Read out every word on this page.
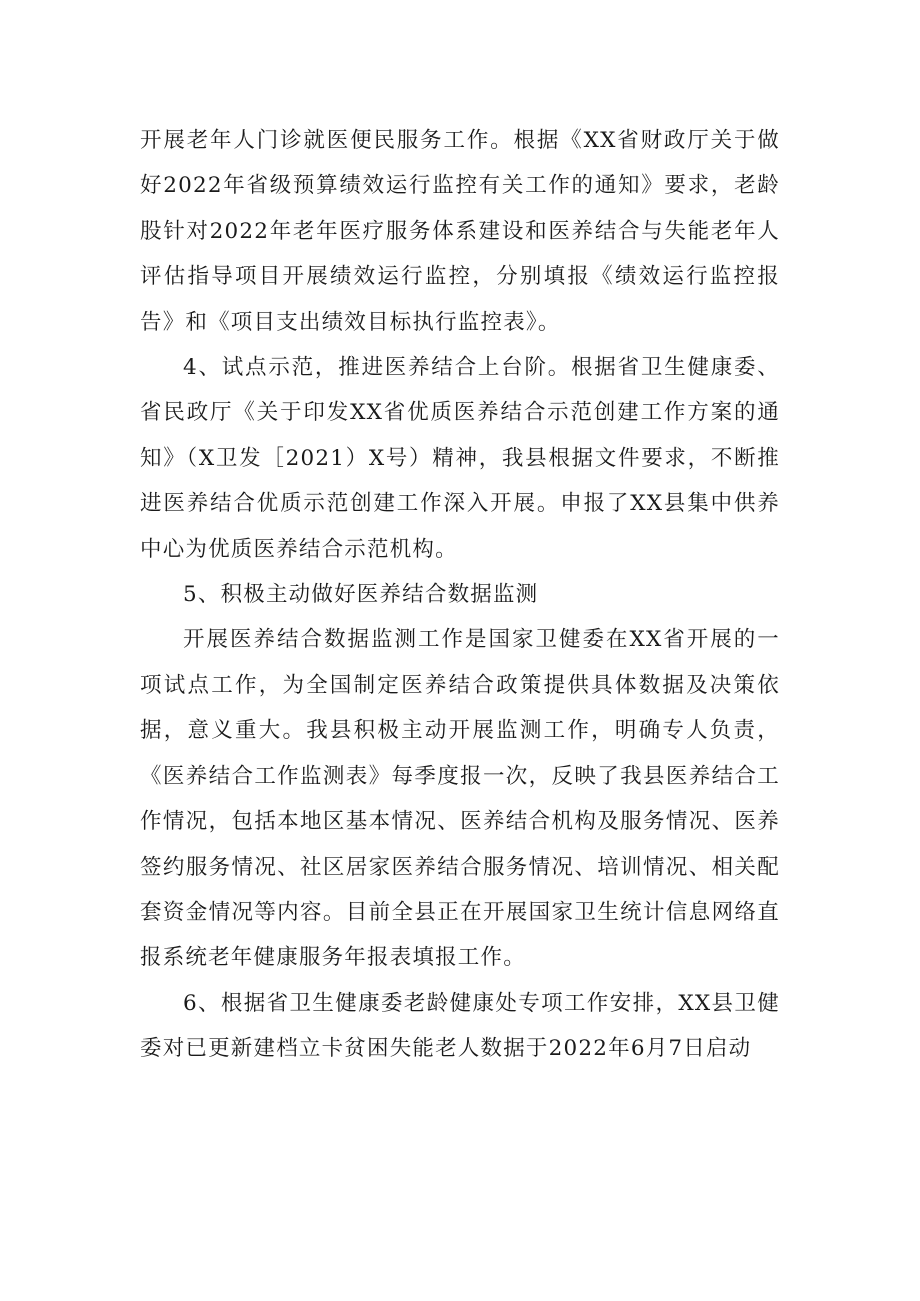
开展老年人门诊就医便民服务工作。根据《XX省财政厅关于做好2022年省级预算绩效运行监控有关工作的通知》要求，老龄股针对2022年老年医疗服务体系建设和医养结合与失能老年人评估指导项目开展绩效运行监控，分别填报《绩效运行监控报告》和《项目支出绩效目标执行监控表》。

4、试点示范，推进医养结合上台阶。根据省卫生健康委、省民政厅《关于印发XX省优质医养结合示范创建工作方案的通知》（X卫发［2021）X号）精神，我县根据文件要求，不断推进医养结合优质示范创建工作深入开展。申报了XX县集中供养中心为优质医养结合示范机构。

5、积极主动做好医养结合数据监测

开展医养结合数据监测工作是国家卫健委在XX省开展的一项试点工作，为全国制定医养结合政策提供具体数据及决策依据，意义重大。我县积极主动开展监测工作，明确专人负责，《医养结合工作监测表》每季度报一次，反映了我县医养结合工作情况，包括本地区基本情况、医养结合机构及服务情况、医养签约服务情况、社区居家医养结合服务情况、培训情况、相关配套资金情况等内容。目前全县正在开展国家卫生统计信息网络直报系统老年健康服务年报表填报工作。

6、根据省卫生健康委老龄健康处专项工作安排，XX县卫健委对已更新建档立卡贫困失能老人数据于2022年6月7日启动
